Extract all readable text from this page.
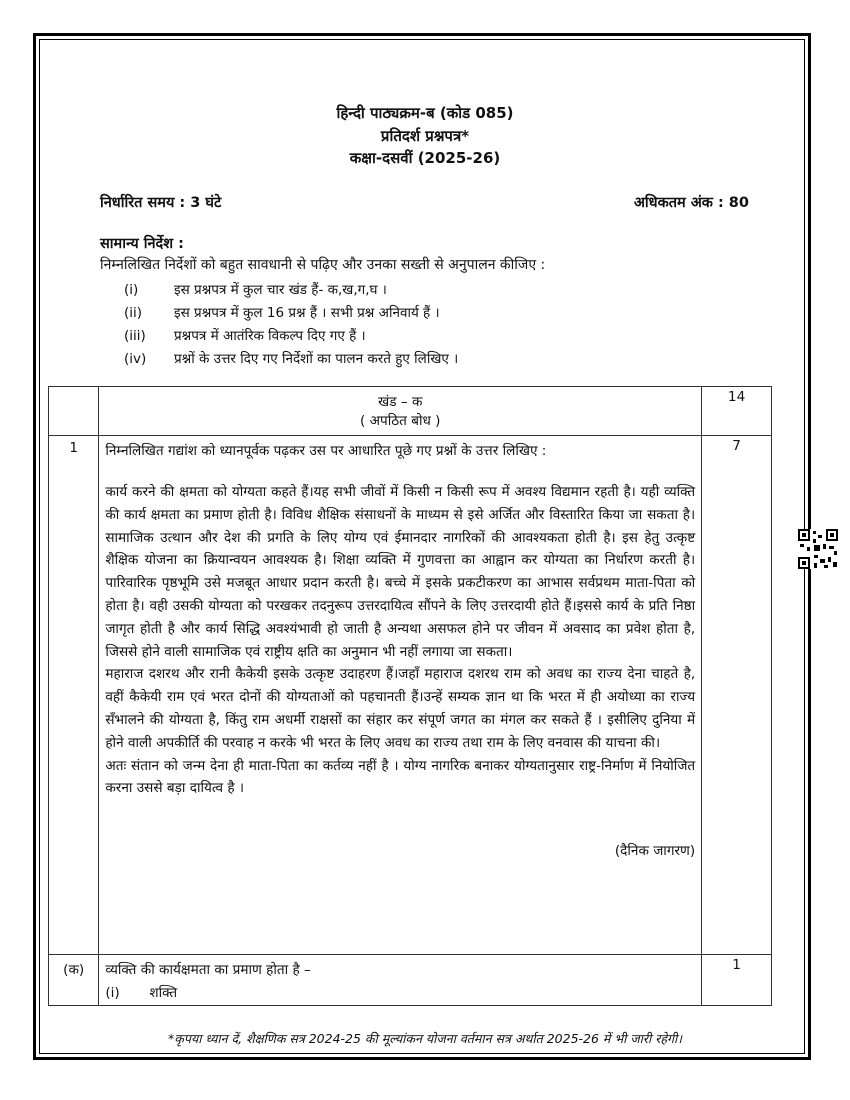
हिन्दी पाठ्यक्रम-ब (कोड 085)
प्रतिदर्श प्रश्नपत्र*
कक्षा-दसवीं (2025-26)
निर्धारित समय : 3 घंटे	अधिकतम अंक : 80
सामान्य निर्देश :
निम्नलिखित निर्देशों को बहुत सावधानी से पढ़िए और उनका सख्ती से अनुपालन कीजिए :
(i)	इस प्रश्नपत्र में कुल चार खंड हैं- क,ख,ग,घ ।
(ii) इस प्रश्नपत्र में कुल 16 प्रश्न हैं । सभी प्रश्न अनिवार्य हैं ।
(iii) प्रश्नपत्र में आतंरिक विकल्प दिए गए हैं ।
(iv) प्रश्नों के उत्तर दिए गए निर्देशों का पालन करते हुए लिखिए ।

	खंड – क
( अपठित बोध )	14
1	निम्नलिखित गद्यांश को ध्यानपूर्वक पढ़कर उस पर आधारित पूछे गए प्रश्नों के उत्तर लिखिए :

कार्य करने की क्षमता को योग्यता कहते हैं।यह सभी जीवों में किसी न किसी रूप में अवश्य विद्यमान रहती है। यही व्यक्ति की कार्य क्षमता का प्रमाण होती है। विविध शैक्षिक संसाधनों के माध्यम से इसे अर्जित और विस्तारित किया जा सकता है।सामाजिक उत्थान और देश की प्रगति के लिए योग्य एवं ईमानदार नागरिकों की आवश्यकता होती है। इस हेतु उत्कृष्ट शैक्षिक योजना का क्रियान्वयन आवश्यक है। शिक्षा व्यक्ति में गुणवत्ता का आह्वान कर योग्यता का निर्धारण करती है। पारिवारिक पृष्ठभूमि उसे मजबूत आधार प्रदान करती है। बच्चे में इसके प्रकटीकरण का आभास सर्वप्रथम माता-पिता को होता है। वही उसकी योग्यता को परखकर तदनुरूप उत्तरदायित्व सौंपने के लिए उत्तरदायी होते हैं।इससे कार्य के प्रति निष्ठा जागृत होती है और कार्य सिद्धि अवश्यंभावी हो जाती है अन्यथा असफल होने पर जीवन में अवसाद का प्रवेश होता है, जिससे होने वाली सामाजिक एवं राष्ट्रीय क्षति का अनुमान भी नहीं लगाया जा सकता।

महाराज दशरथ और रानी कैकेयी इसके उत्कृष्ट उदाहरण हैं।जहाँ महाराज दशरथ राम को अवध का राज्य देना चाहते है, वहीं कैकेयी राम एवं भरत दोनों की योग्यताओं को पहचानती हैं।उन्हें सम्यक ज्ञान था कि भरत में ही अयोध्या का राज्य सँभालने की योग्यता है, किंतु राम अधर्मी राक्षसों का संहार कर संपूर्ण जगत का मंगल कर सकते हैं । इसीलिए दुनिया में होने वाली अपकीर्ति की परवाह न करके भी भरत के लिए अवध का राज्य तथा राम के लिए वनवास की याचना की।

अतः संतान को जन्म देना ही माता-पिता का कर्तव्य नहीं है । योग्य नागरिक बनाकर योग्यतानुसार राष्ट्र-निर्माण में नियोजित करना उससे बड़ा दायित्व है ।

(दैनिक जागरण)	7
(क)	व्यक्ति की कार्यक्षमता का प्रमाण होता है –
(i) शक्ति	1
*कृपया ध्यान दें, शैक्षणिक सत्र 2024-25 की मूल्यांकन योजना वर्तमान सत्र अर्थात 2025-26 में भी जारी रहेगी।
